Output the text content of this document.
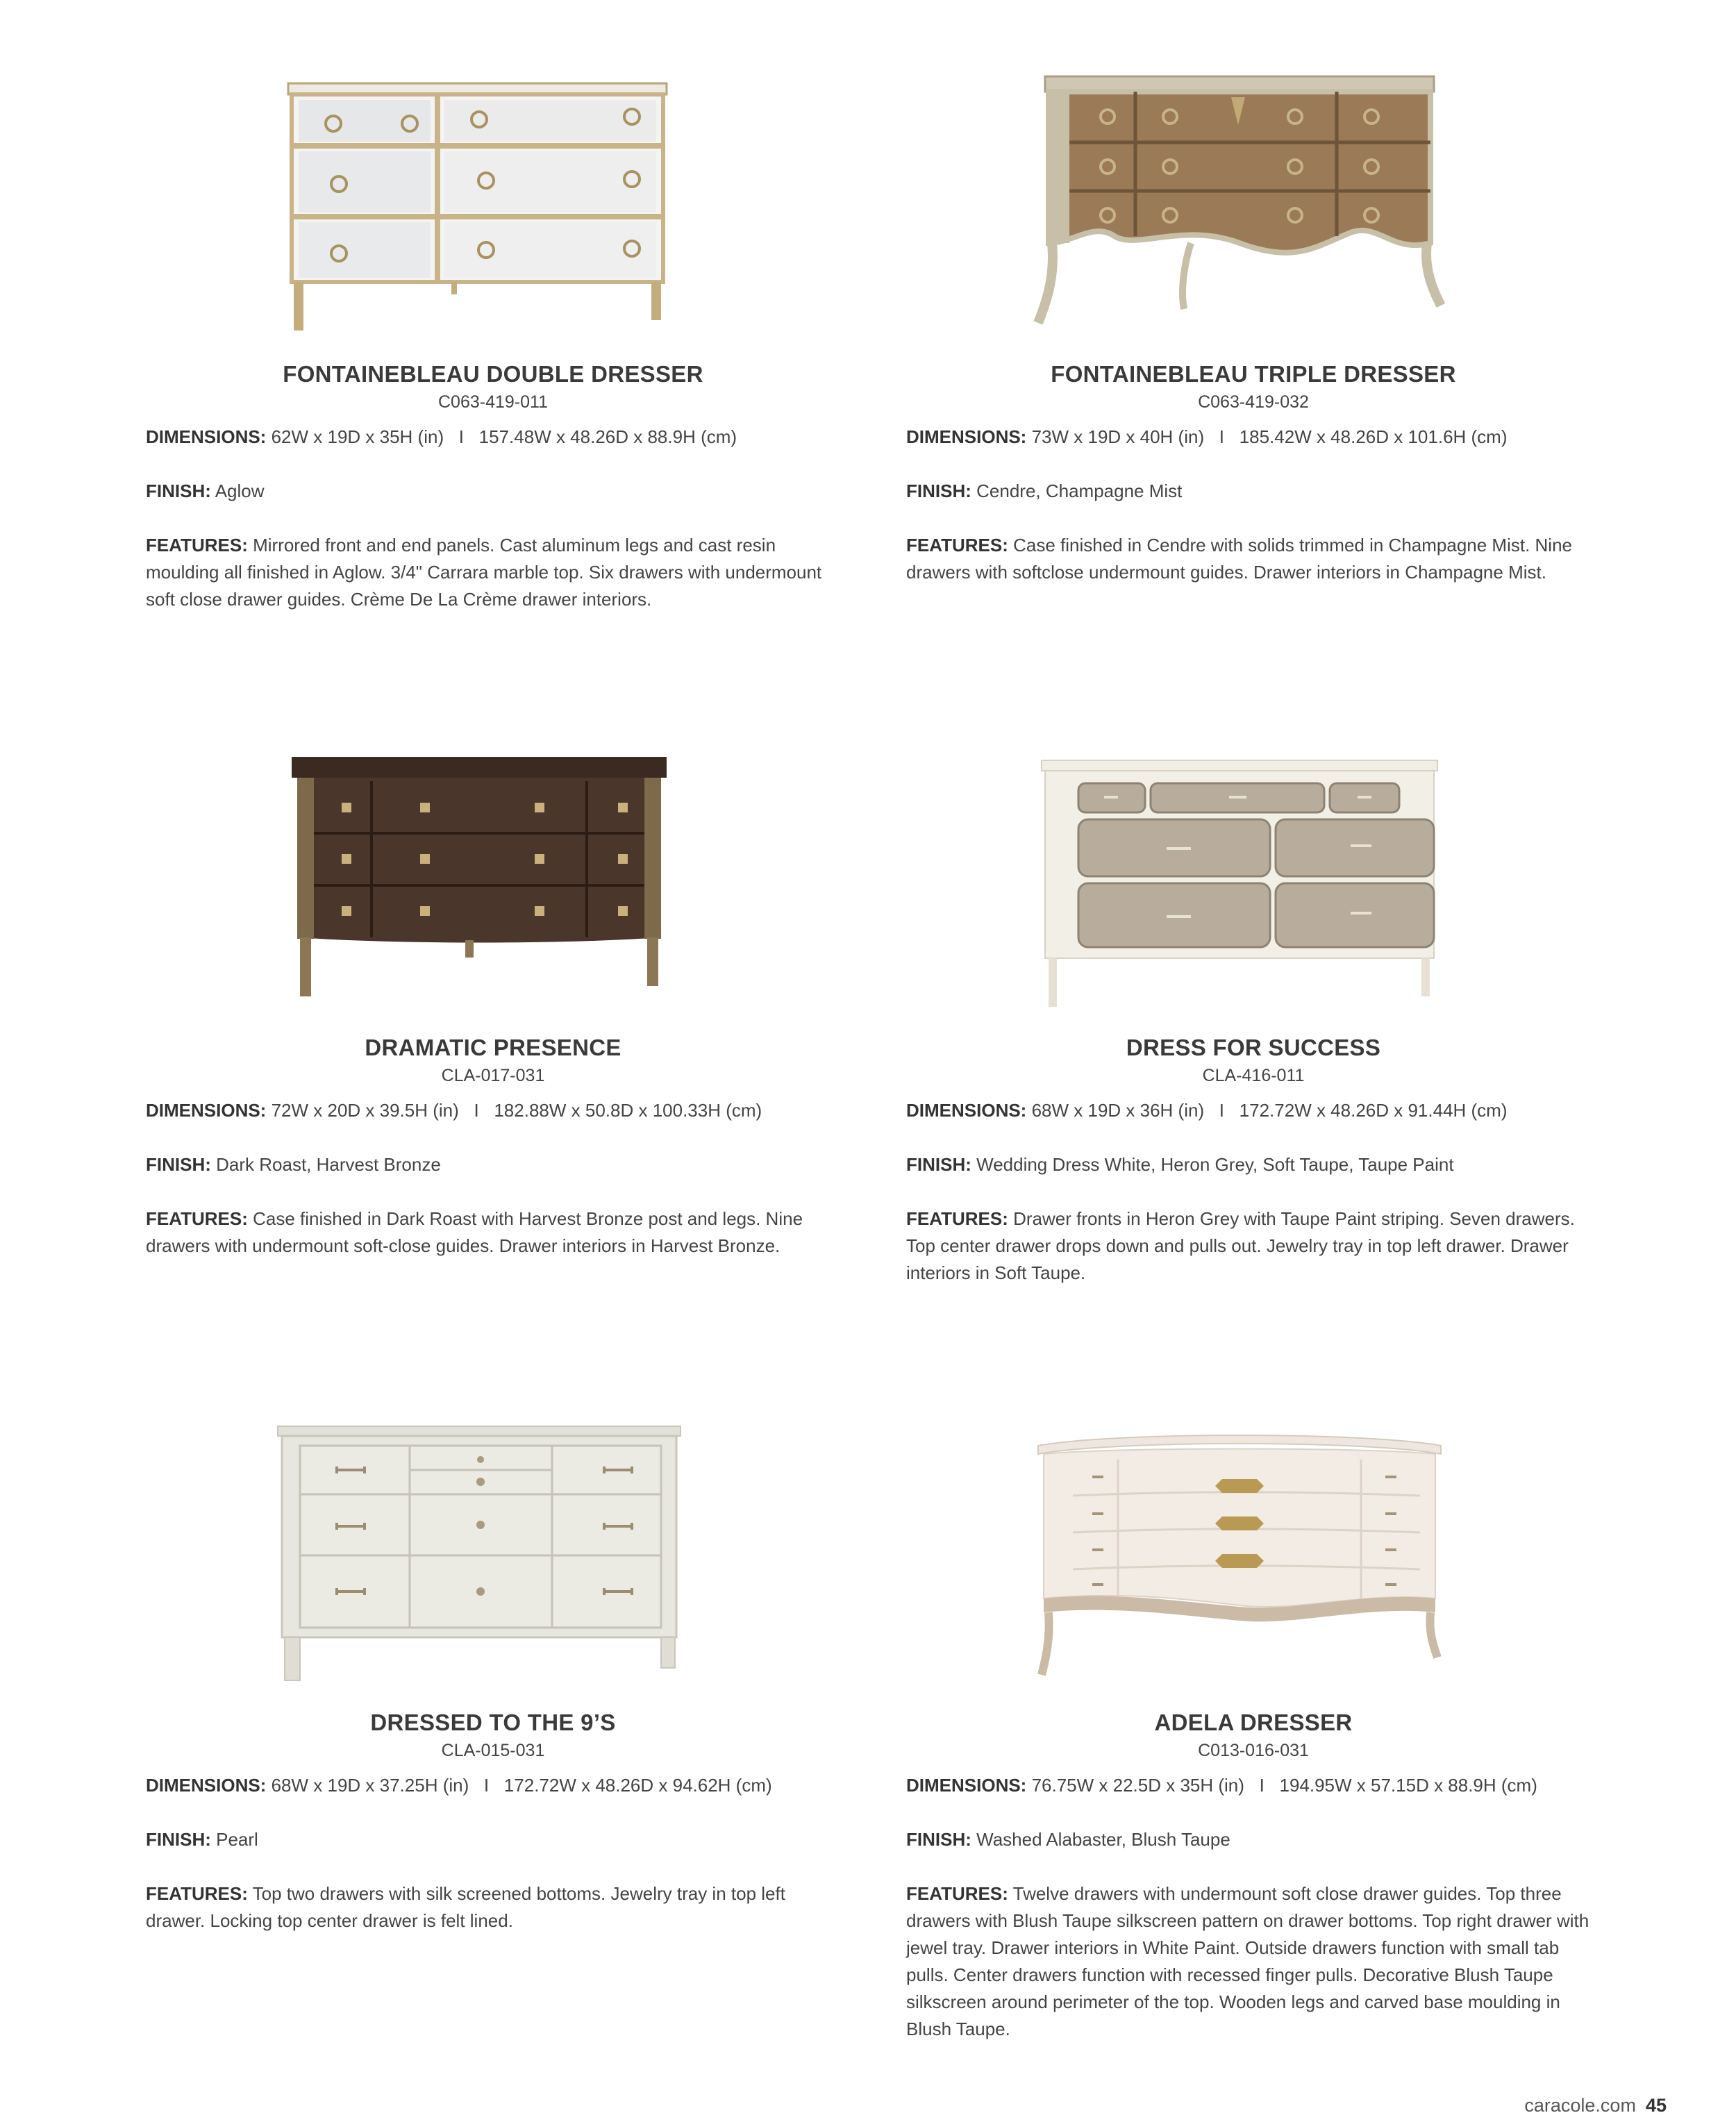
FONTAINEBLEAU DOUBLE DRESSER
C063-419-011
DIMENSIONS: 62W x 19D x 35H (in)   I   157.48W x 48.26D x 88.9H (cm)
FINISH: Aglow
FEATURES: Mirrored front and end panels. Cast aluminum legs and cast resin moulding all finished in Aglow. 3/4" Carrara marble top. Six drawers with undermount soft close drawer guides. Crème De La Crème drawer interiors.
FONTAINEBLEAU TRIPLE DRESSER
C063-419-032
DIMENSIONS: 73W x 19D x 40H (in)   I   185.42W x 48.26D x 101.6H (cm)
FINISH: Cendre, Champagne Mist
FEATURES: Case finished in Cendre with solids trimmed in Champagne Mist. Nine drawers with softclose undermount guides. Drawer interiors in Champagne Mist.
DRAMATIC PRESENCE
CLA-017-031
DIMENSIONS: 72W x 20D x 39.5H (in)   I   182.88W x 50.8D x 100.33H (cm)
FINISH: Dark Roast, Harvest Bronze
FEATURES: Case finished in Dark Roast with Harvest Bronze post and legs. Nine drawers with undermount soft-close guides. Drawer interiors in Harvest Bronze.
DRESS FOR SUCCESS
CLA-416-011
DIMENSIONS: 68W x 19D x 36H (in)   I   172.72W x 48.26D x 91.44H (cm)
FINISH: Wedding Dress White, Heron Grey, Soft Taupe, Taupe Paint
FEATURES: Drawer fronts in Heron Grey with Taupe Paint striping. Seven drawers. Top center drawer drops down and pulls out. Jewelry tray in top left drawer. Drawer interiors in Soft Taupe.
DRESSED TO THE 9’S
CLA-015-031
DIMENSIONS: 68W x 19D x 37.25H (in)   I   172.72W x 48.26D x 94.62H (cm)
FINISH: Pearl
FEATURES: Top two drawers with silk screened bottoms. Jewelry tray in top left drawer. Locking top center drawer is felt lined.
ADELA DRESSER
C013-016-031
DIMENSIONS: 76.75W x 22.5D x 35H (in)   I   194.95W x 57.15D x 88.9H (cm)
FINISH: Washed Alabaster, Blush Taupe
FEATURES: Twelve drawers with undermount soft close drawer guides. Top three drawers with Blush Taupe silkscreen pattern on drawer bottoms. Top right drawer with jewel tray. Drawer interiors in White Paint. Outside drawers function with small tab pulls. Center drawers function with recessed finger pulls. Decorative Blush Taupe silkscreen around perimeter of the top. Wooden legs and carved base moulding in Blush Taupe.
caracole.com 45
